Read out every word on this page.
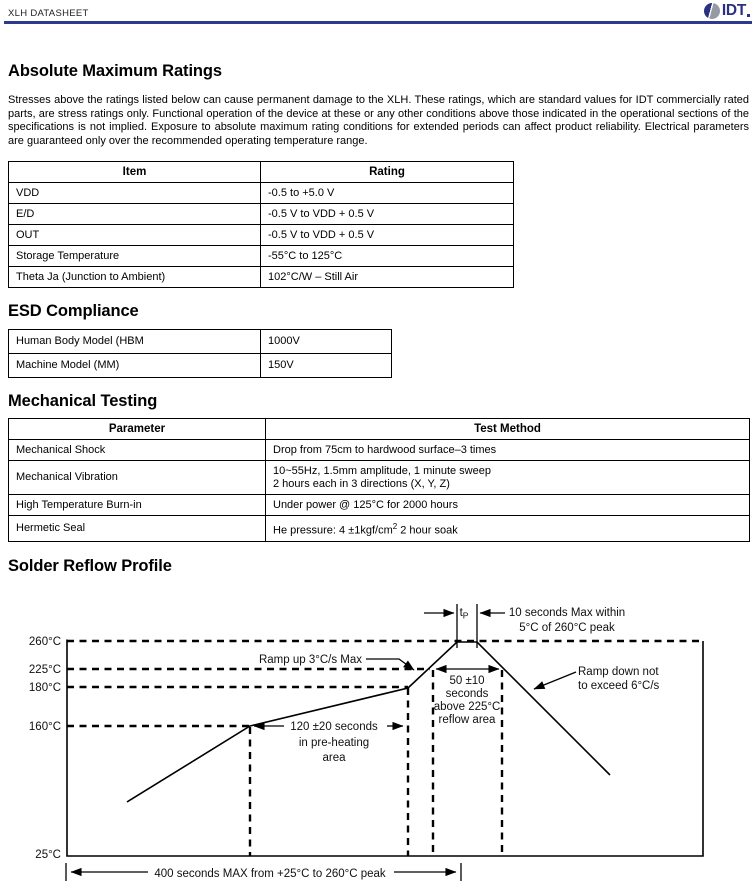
XLH DATASHEET	IDT
Absolute Maximum Ratings

Stresses above the ratings listed below can cause permanent damage to the XLH. These ratings, which are standard values for IDT commercially rated parts, are stress ratings only. Functional operation of the device at these or any other conditions above those indicated in the operational sections of the specifications is not implied. Exposure to absolute maximum rating conditions for extended periods can affect product reliability. Electrical parameters are guaranteed only over the recommended operating temperature range.

Item	Rating
VDD	-0.5 to +5.0 V
E/D	-0.5 V to VDD + 0.5 V
OUT	-0.5 V to VDD + 0.5 V
Storage Temperature	-55°C to 125°C
Theta Ja (Junction to Ambient)	102°C/W – Still Air
ESD Compliance
Human Body Model (HBM	1000V
Machine Model (MM)	150V
Mechanical Testing
Parameter	Test Method
Mechanical Shock	Drop from 75cm to hardwood surface–3 times
Mechanical Vibration	10~55Hz, 1.5mm amplitude, 1 minute sweep
2 hours each in 3 directions (X, Y, Z)

High Temperature Burn-in	Under power @ 125°C for 2000 hours
Hermetic Seal	He pressure: $4 \pm 1kgf/cm^2$ 2 hour soak
Solder Reflow Profile
260°C
225°C
180°C
160°C
25°C
$t_P$	10 seconds Max within
5°C of 260°C peak
Ramp up 3°C/s Max
Ramp down not
to exceed 6°C/s
50 ±10
seconds
above 225°C
reflow area
120 ±20 seconds
in pre-heating
area
400 seconds MAX from +25°C to 260°C peak
